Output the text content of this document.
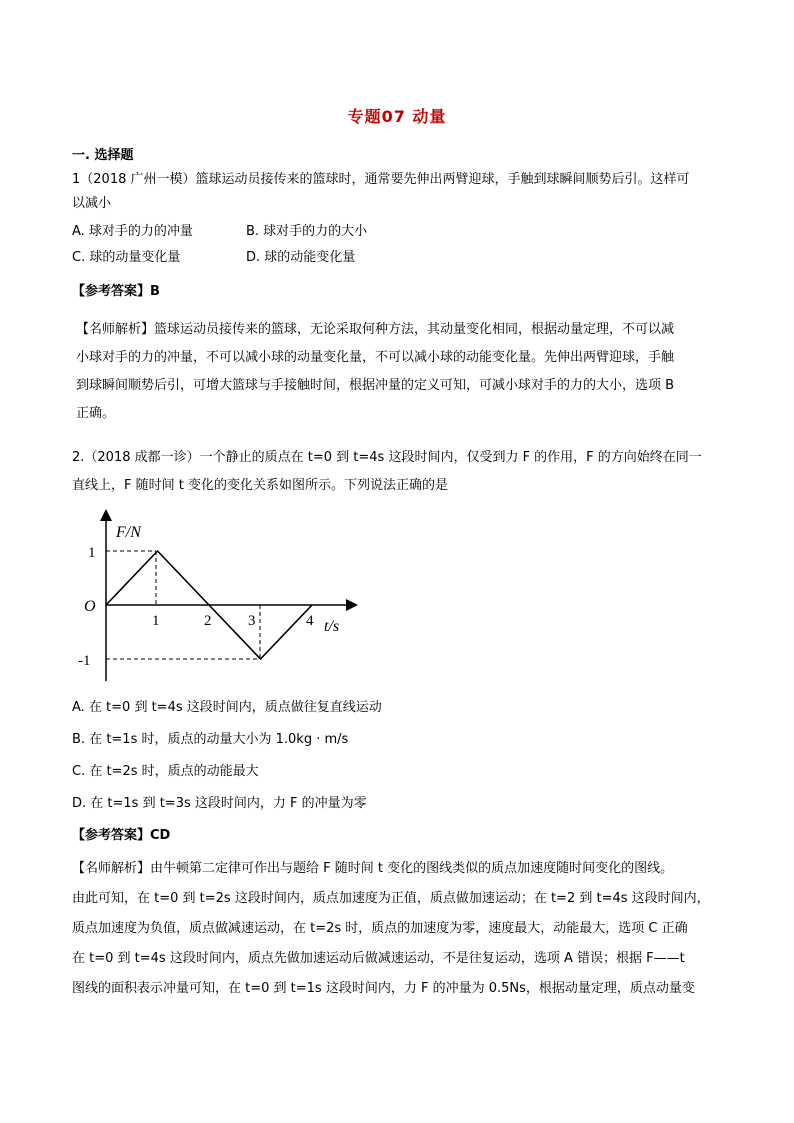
专题07 动量
一. 选择题
1（2018 广州一模）篮球运动员接传来的篮球时，通常要先伸出两臂迎球，手触到球瞬间顺势后引。这样可
以减小
A. 球对手的力的冲量	B. 球对手的力的大小
C. 球的动量变化量	D. 球的动能变化量
【参考答案】B
【名师解析】篮球运动员接传来的篮球，无论采取何种方法，其动量变化相同，根据动量定理，不可以减
小球对手的力的冲量，不可以减小球的动量变化量，不可以减小球的动能变化量。先伸出两臂迎球，手触
到球瞬间顺势后引，可增大篮球与手接触时间，根据冲量的定义可知，可减小球对手的力的大小，选项 B
正确。
2.（2018 成都一诊）一个静止的质点在 t=0 到 t=4s 这段时间内，仅受到力 F 的作用，F 的方向始终在同一
直线上，F 随时间 t 变化的变化关系如图所示。下列说法正确的是
F/N
t/s
O
1
-1
1	2 3	4
A. 在 t=0 到 t=4s 这段时间内，质点做往复直线运动
B. 在 t=1s 时，质点的动量大小为 1.0kg · m/s
C. 在 t=2s 时，质点的动能最大
D. 在 t=1s 到 t=3s 这段时间内，力 F 的冲量为零
【参考答案】CD
【名师解析】由牛顿第二定律可作出与题给 F 随时间 t 变化的图线类似的质点加速度随时间变化的图线。
由此可知，在 t=0 到 t=2s 这段时间内，质点加速度为正值，质点做加速运动；在 t=2 到 t=4s 这段时间内，
质点加速度为负值，质点做减速运动，在 t=2s 时，质点的加速度为零，速度最大，动能最大，选项 C 正确
在 t=0 到 t=4s 这段时间内，质点先做加速运动后做减速运动，不是往复运动，选项 A 错误；根据 F——t
图线的面积表示冲量可知，在 t=0 到 t=1s 这段时间内，力 F 的冲量为 0.5Ns，根据动量定理，质点动量变
